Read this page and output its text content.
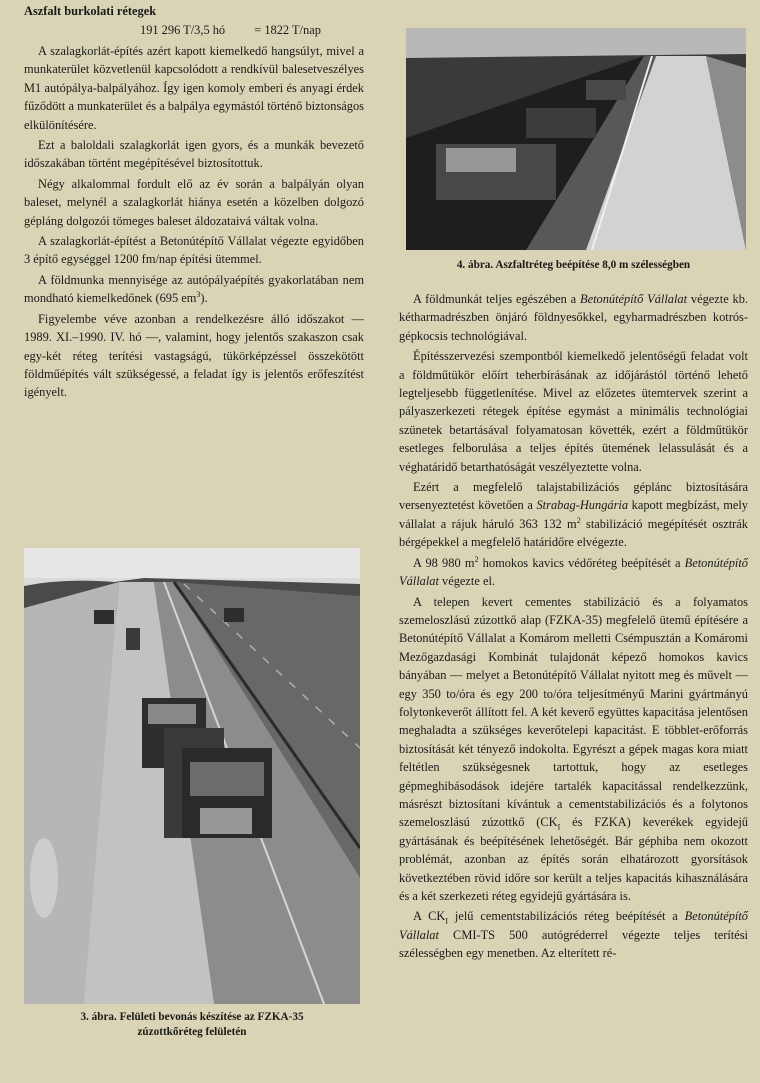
Aszfalt burkolati rétegek
191 296 T/3,5 hó = 1822 T/nap

A szalagkorlát-építés azért kapott kiemelkedő hangsúlyt, mivel a munkaterület közvetlenül kapcsolódott a rendkívül balesetveszélyes M1 autópálya-balpályához. Így igen komoly emberi és anyagi érdek fűződött a munkaterület és a balpálya egymástól történő biztonságos elkülönítésére.

Ezt a baloldali szalagkorlát igen gyors, és a munkák bevezető időszakában történt megépítésével biztosítottuk.

Négy alkalommal fordult elő az év során a balpályán olyan baleset, melynél a szalagkorlát hiánya esetén a közelben dolgozó gépláng dolgozói tömeges baleset áldozataivá váltak volna.

A szalagkorlát-építést a Betonútépítő Vállalat végezte egyidőben 3 építő egységgel 1200 fm/nap építési ütemmel.

A földmunka mennyisége az autópályaépítés gyakorlatában nem mondható kiemelkedőnek (695 $em^3$).

Figyelembe véve azonban a rendelkezésre álló időszakot — 1989. XI.–1990. IV. hó —, valamint, hogy jelentős szakaszon csak egy-két réteg terítési vastagságú, tükörképzéssel összekötött földműépítés vált szükségessé, a feladat így is jelentős erőfeszítést igényelt.

3. ábra. Felületi bevonás készítése az FZKA-35
zúzottkőréteg felületén
4. ábra. Aszfaltréteg beépítése 8,0 m szélességben

A földmunkát teljes egészében a Betonútépítő Vállalat végezte kb. kétharmadrészben önjáró földnyesőkkel, egyharmadrészben kotrós-gépkocsis technológiával.

Építésszervezési szempontból kiemelkedő jelentőségű feladat volt a földműtükör előírt teherbírásának az időjárástól történő lehető legteljesebb függetlenítése. Mivel az előzetes ütemtervek szerint a pályaszerkezeti rétegek építése egymást a minimális technológiai szünetek betartásával folyamatosan követték, ezért a földműtükör esetleges felborulása a teljes építés ütemének lelassulását és a véghatáridő betarthatóságát veszélyeztette volna.

Ezért a megfelelő talajstabilizációs géplánc biztosítására versenyeztetést követően a Strabag-Hungária kapott megbízást, mely vállalat a rájuk háruló 363 132 $m^2$ stabilizáció megépítését osztrák bérgépekkel a megfelelő határidőre elvégezte.

A 98 980 $m^2$ homokos kavics védőréteg beépítését a Betonútépítő Vállalat végezte el.

A telepen kevert cementes stabilizáció és a folyamatos szemeloszlású zúzottkő alap (FZKA-35) megfelelő ütemű építésére a Betonútépítő Vállalat a Komárom melletti Csémpusztán a Komáromi Mezőgazdasági Kombinát tulajdonát képező homokos kavics bányában — melyet a Betonútépítő Vállalat nyitott meg és művelt — egy 350 to/óra és egy 200 to/óra teljesítményű Marini gyártmányú folytonkeverőt állított fel. A két keverő együttes kapacitása jelentősen meghaladta a szükséges keverőtelepi kapacitást. E többlet-erőforrás biztosítását két tényező indokolta. Egyrészt a gépek magas kora miatt feltétlen szükségesnek tartottuk, hogy az esetleges gépmeghibásodások idejére tartalék kapacitással rendelkezzünk, másrészt biztosítani kívántuk a cementstabilizációs és a folytonos szemeloszlású zúzottkő ($CK_I$ és FZKA) keverékek egyidejű gyártásának és beépítésének lehetőségét. Bár géphiba nem okozott problémát, azonban az építés során elhatározott gyorsítások következtében rövid időre sor került a teljes kapacitás kihasználására és a két szerkezeti réteg egyidejű gyártására is.

A $CK_I$ jelű cementstabilizációs réteg beépítését a Betonútépítő Vállalat CMI-TS 500 autógréderrel végezte teljes terítési szélességben egy menetben. Az elterített ré-
